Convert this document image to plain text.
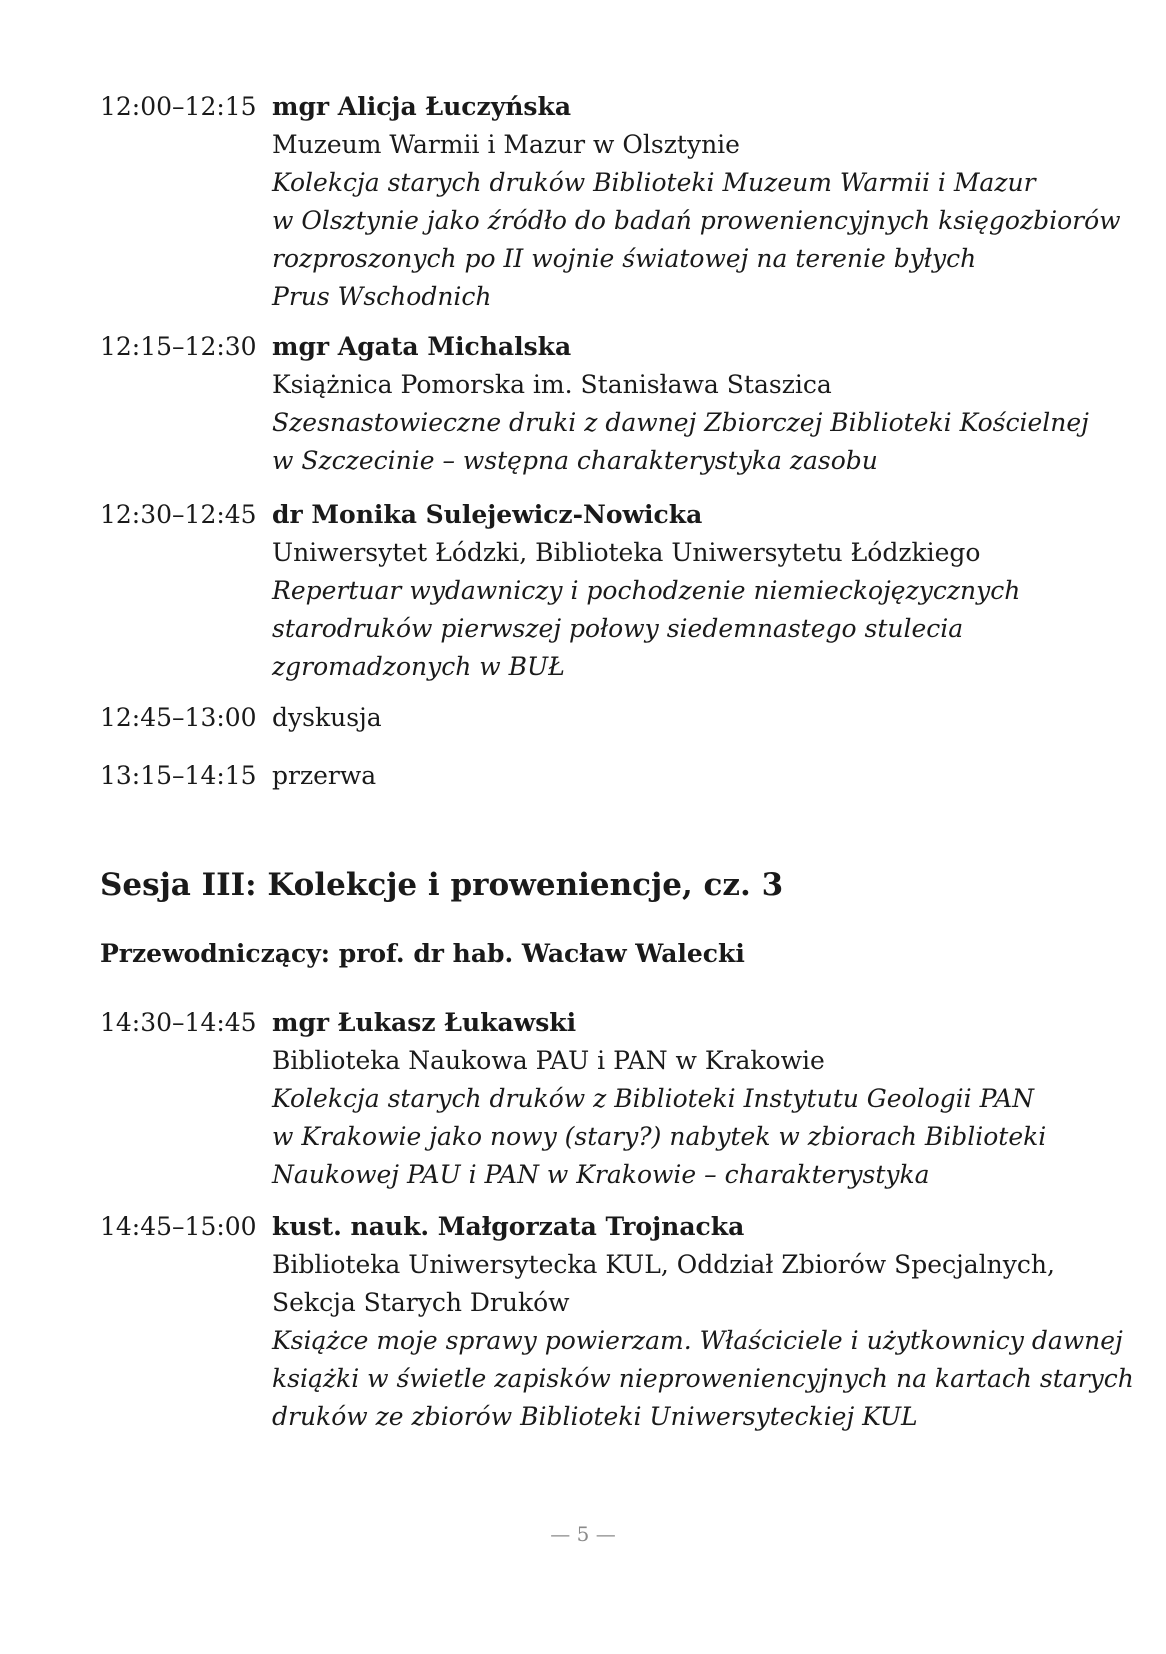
12:00–12:15 mgr Alicja Łuczyńska
Muzeum Warmii i Mazur w Olsztynie
Kolekcja starych druków Biblioteki Muzeum Warmii i Mazur
w Olsztynie jako źródło do badań proweniencyjnych księgozbiorów
rozproszonych po II wojnie światowej na terenie byłych
Prus Wschodnich
12:15–12:30 mgr Agata Michalska
Książnica Pomorska im. Stanisława Staszica
Szesnastowieczne druki z dawnej Zbiorczej Biblioteki Kościelnej
w Szczecinie – wstępna charakterystyka zasobu
12:30–12:45 dr Monika Sulejewicz-Nowicka
Uniwersytet Łódzki, Biblioteka Uniwersytetu Łódzkiego
Repertuar wydawniczy i pochodzenie niemieckojęzycznych
starodruków pierwszej połowy siedemnastego stulecia
zgromadzonych w BUŁ
12:45–13:00 dyskusja
13:15–14:15 przerwa
Sesja III: Kolekcje i proweniencje, cz. 3
Przewodniczący: prof. dr hab. Wacław Walecki
14:30–14:45 mgr Łukasz Łukawski
Biblioteka Naukowa PAU i PAN w Krakowie
Kolekcja starych druków z Biblioteki Instytutu Geologii PAN
w Krakowie jako nowy (stary?) nabytek w zbiorach Biblioteki
Naukowej PAU i PAN w Krakowie – charakterystyka
14:45–15:00 kust. nauk. Małgorzata Trojnacka
Biblioteka Uniwersytecka KUL, Oddział Zbiorów Specjalnych,
Sekcja Starych Druków
Książce moje sprawy powierzam. Właściciele i użytkownicy dawnej
książki w świetle zapisków nieproweniencyjnych na kartach starych
druków ze zbiorów Biblioteki Uniwersyteckiej KUL
— 5 —
